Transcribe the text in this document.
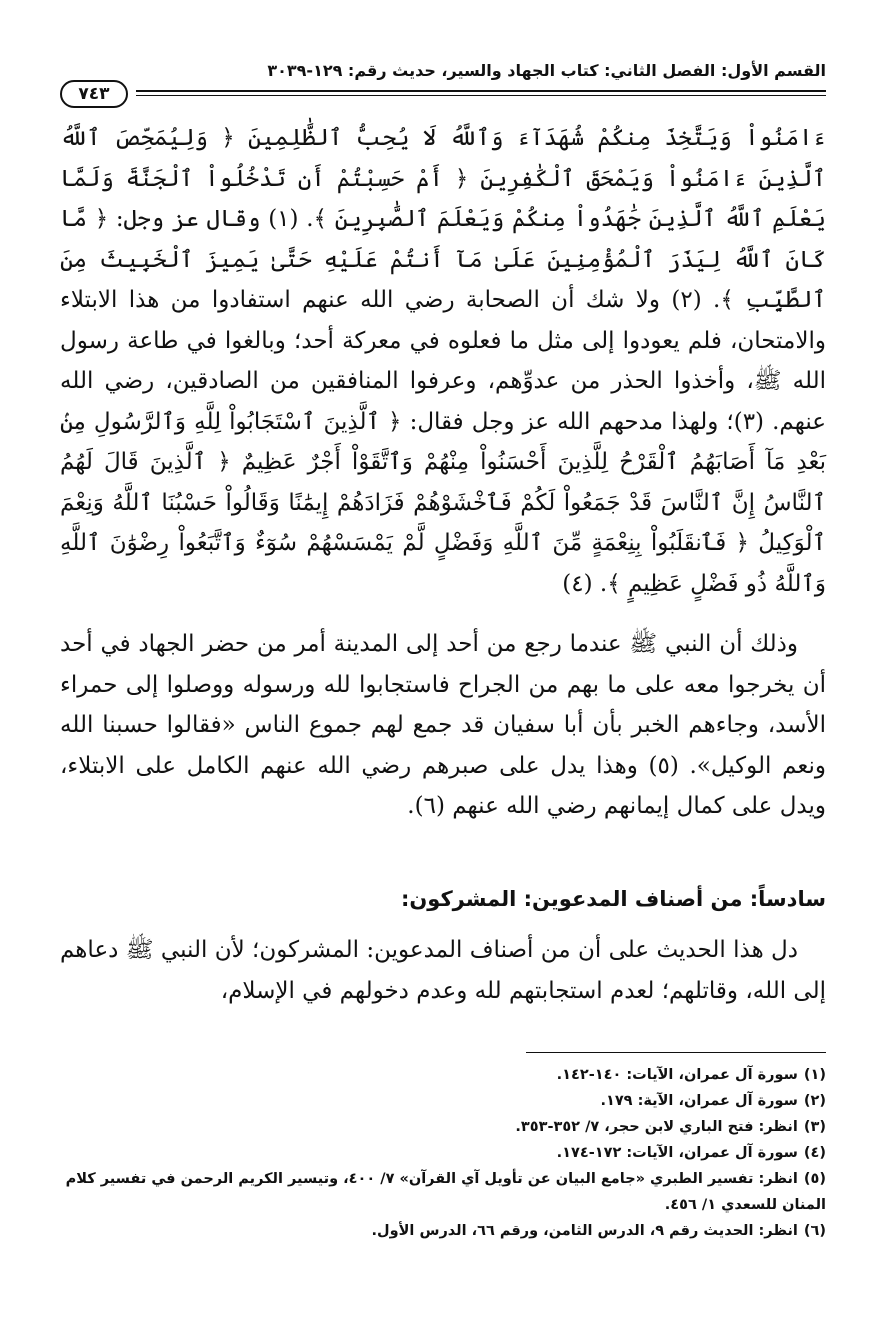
القسم الأول: الفصل الثاني: كتاب الجهاد والسير، حديث رقم: ١٢٩-٣٠٣٩
٧٤٣

ءَامَنُواْ وَيَتَّخِذَ مِنكُمْ شُهَدَآءَ وَٱللَّهُ لَا يُحِبُّ ٱلظَّٰلِمِينَ ﴿ وَلِيُمَحِّصَ ٱللَّهُ ٱلَّذِينَ ءَامَنُواْ وَيَمْحَقَ ٱلْكَٰفِرِينَ ﴿ أَمْ حَسِبْتُمْ أَن تَدْخُلُواْ ٱلْجَنَّةَ وَلَمَّا يَعْلَمِ ٱللَّهُ ٱلَّذِينَ جَٰهَدُواْ مِنكُمْ وَيَعْلَمَ ٱلصَّٰبِرِينَ ﴾. (١) وقال عز وجل: ﴿ مَّا كَانَ ٱللَّهُ لِيَذَرَ ٱلْمُؤْمِنِينَ عَلَىٰ مَآ أَنتُمْ عَلَيْهِ حَتَّىٰ يَمِيزَ ٱلْخَبِيثَ مِنَ ٱلطَّيِّبِ ﴾. (٢) ولا شك أن الصحابة رضي الله عنهم استفادوا من هذا الابتلاء والامتحان، فلم يعودوا إلى مثل ما فعلوه في معركة أحد؛ وبالغوا في طاعة رسول الله ﷺ، وأخذوا الحذر من عدوِّهم، وعرفوا المنافقين من الصادقين، رضي الله عنهم. (٣)؛ ولهذا مدحهم الله عز وجل فقال: ﴿ ٱلَّذِينَ ٱسْتَجَابُواْ لِلَّهِ وَٱلرَّسُولِ مِنۢ بَعْدِ مَآ أَصَابَهُمُ ٱلْقَرْحُ لِلَّذِينَ أَحْسَنُواْ مِنْهُمْ وَٱتَّقَوْاْ أَجْرٌ عَظِيمٌ ﴿ ٱلَّذِينَ قَالَ لَهُمُ ٱلنَّاسُ إِنَّ ٱلنَّاسَ قَدْ جَمَعُواْ لَكُمْ فَٱخْشَوْهُمْ فَزَادَهُمْ إِيمَٰنًا وَقَالُواْ حَسْبُنَا ٱللَّهُ وَنِعْمَ ٱلْوَكِيلُ ﴿ فَٱنقَلَبُواْ بِنِعْمَةٍ مِّنَ ٱللَّهِ وَفَضْلٍ لَّمْ يَمْسَسْهُمْ سُوٓءٌ وَٱتَّبَعُواْ رِضْوَٰنَ ٱللَّهِ وَٱللَّهُ ذُو فَضْلٍ عَظِيمٍ ﴾. (٤)

وذلك أن النبي ﷺ عندما رجع من أحد إلى المدينة أمر من حضر الجهاد في أحد أن يخرجوا معه على ما بهم من الجراح فاستجابوا لله ورسوله ووصلوا إلى حمراء الأسد، وجاءهم الخبر بأن أبا سفيان قد جمع لهم جموع الناس «فقالوا حسبنا الله ونعم الوكيل». (٥) وهذا يدل على صبرهم رضي الله عنهم الكامل على الابتلاء، ويدل على كمال إيمانهم رضي الله عنهم (٦).

سادساً: من أصناف المدعوين: المشركون:

دل هذا الحديث على أن من أصناف المدعوين: المشركون؛ لأن النبي ﷺ دعاهم إلى الله، وقاتلهم؛ لعدم استجابتهم لله وعدم دخولهم في الإسلام،

(١)سورة آل عمران، الآيات: ١٤٠-١٤٢.
(٢)سورة آل عمران، الآية: ١٧٩.
(٣)انظر: فتح الباري لابن حجر، ٧/ ٣٥٢-٣٥٣.
(٤)سورة آل عمران، الآيات: ١٧٢-١٧٤.
(٥)انظر: تفسير الطبري «جامع البيان عن تأويل آي القرآن» ٧/ ٤٠٠، وتيسير الكريم الرحمن في تفسير كلام المنان للسعدي ١/ ٤٥٦.
(٦)انظر: الحديث رقم ٩، الدرس الثامن، ورقم ٦٦، الدرس الأول.
